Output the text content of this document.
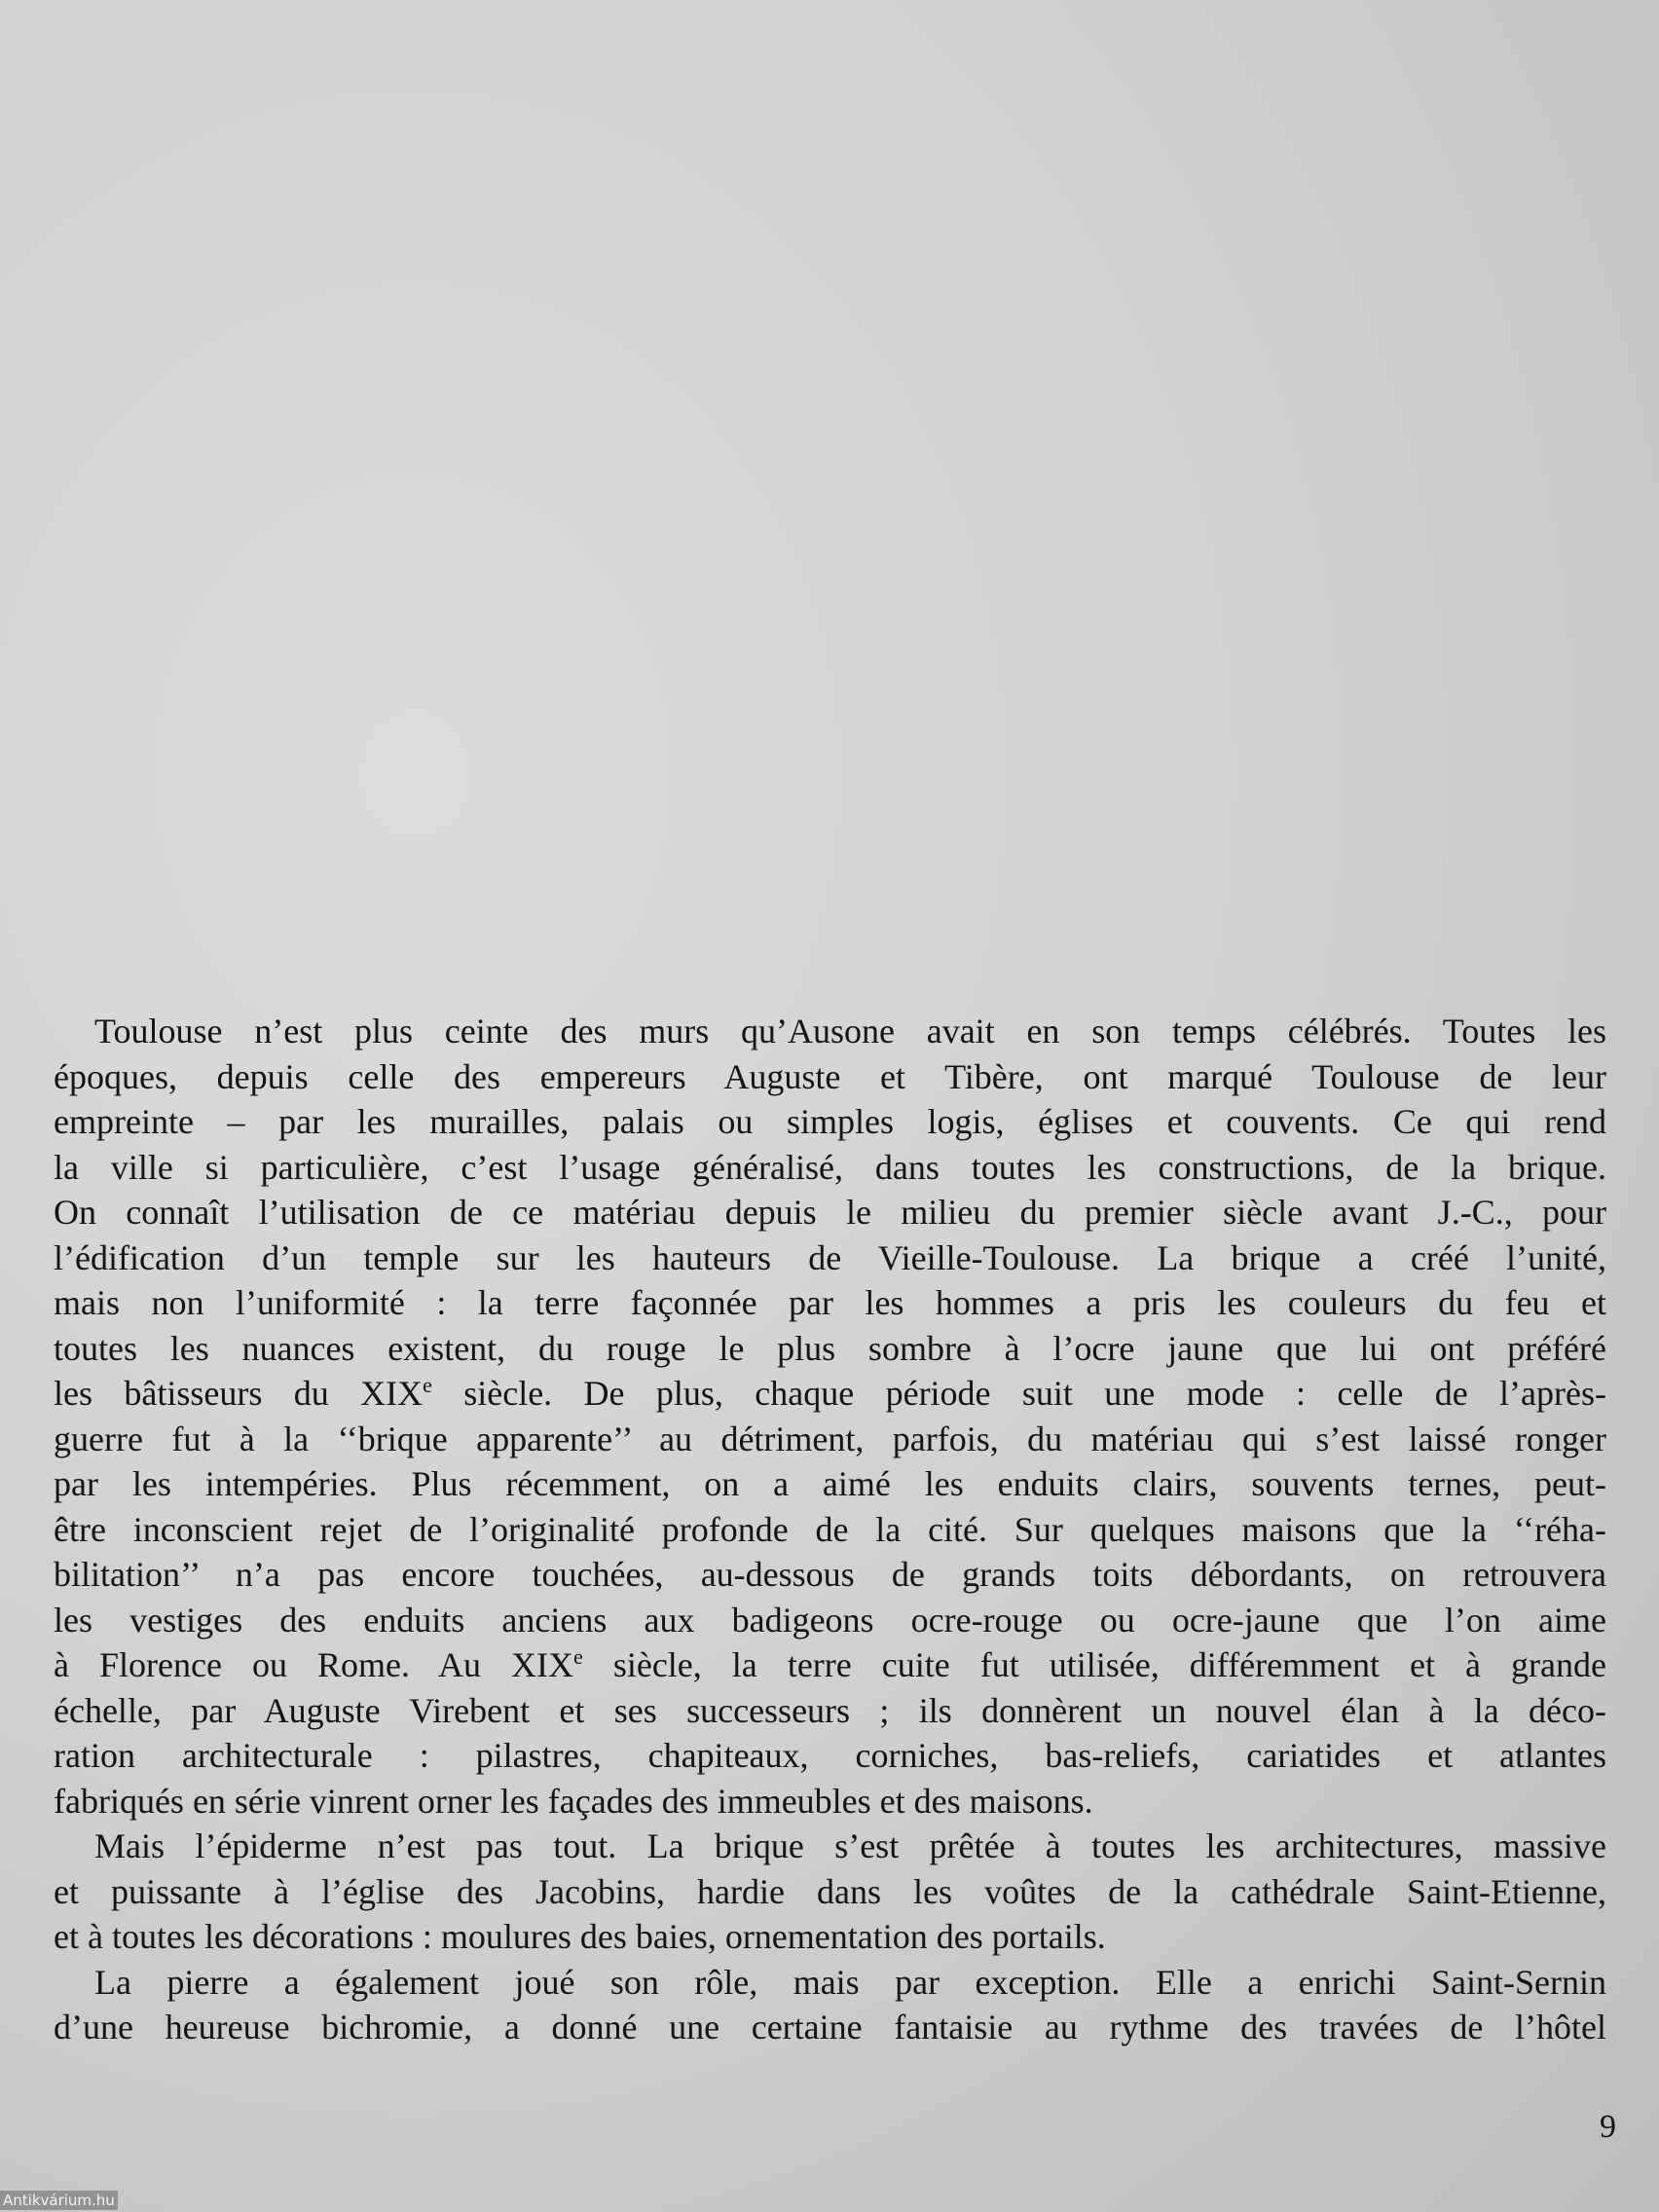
Toulouse n’est plus ceinte des murs qu’Ausone avait en son temps célébrés. Toutes les
époques, depuis celle des empereurs Auguste et Tibère, ont marqué Toulouse de leur
empreinte – par les murailles, palais ou simples logis, églises et couvents. Ce qui rend
la ville si particulière, c’est l’usage généralisé, dans toutes les constructions, de la brique.
On connaît l’utilisation de ce matériau depuis le milieu du premier siècle avant J.-C., pour
l’édification d’un temple sur les hauteurs de Vieille-Toulouse. La brique a créé l’unité,
mais non l’uniformité : la terre façonnée par les hommes a pris les couleurs du feu et
toutes les nuances existent, du rouge le plus sombre à l’ocre jaune que lui ont préféré
les bâtisseurs du XIXe siècle. De plus, chaque période suit une mode : celle de l’après-
guerre fut à la ‘‘brique apparente’’ au détriment, parfois, du matériau qui s’est laissé ronger
par les intempéries. Plus récemment, on a aimé les enduits clairs, souvents ternes, peut-
être inconscient rejet de l’originalité profonde de la cité. Sur quelques maisons que la ‘‘réha-
bilitation’’ n’a pas encore touchées, au-dessous de grands toits débordants, on retrouvera
les vestiges des enduits anciens aux badigeons ocre-rouge ou ocre-jaune que l’on aime
à Florence ou Rome. Au XIXe siècle, la terre cuite fut utilisée, différemment et à grande
échelle, par Auguste Virebent et ses successeurs ; ils donnèrent un nouvel élan à la déco-
ration architecturale : pilastres, chapiteaux, corniches, bas-reliefs, cariatides et atlantes
fabriqués en série vinrent orner les façades des immeubles et des maisons.
Mais l’épiderme n’est pas tout. La brique s’est prêtée à toutes les architectures, massive
et puissante à l’église des Jacobins, hardie dans les voûtes de la cathédrale Saint-Etienne,
et à toutes les décorations : moulures des baies, ornementation des portails.
La pierre a également joué son rôle, mais par exception. Elle a enrichi Saint-Sernin
d’une heureuse bichromie, a donné une certaine fantaisie au rythme des travées de l’hôtel
9
Antikvárium.hu
